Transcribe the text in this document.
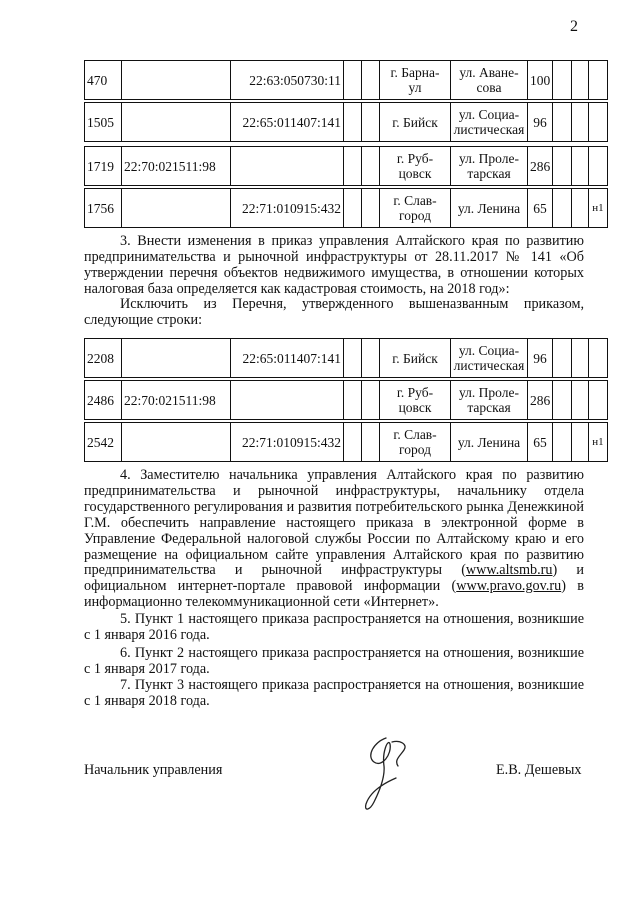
2
470		22:63:050730:11			г. Барна-
ул	ул. Аване-
сова	100			
1505		22:65:011407:141			г. Бийск	ул. Социа-
листическая	96			
1719	22:70:021511:98				г. Руб-
цовск	ул. Проле-
тарская	286			
1756		22:71:010915:432			г. Слав-
город	ул. Ленина	65			н1

3. Внести изменения в приказ управления Алтайского края по развитию предпринимательства и рыночной инфраструктуры от 28.11.2017 № 141 «Об утверждении перечня объектов недвижимого имущества, в отношении которых налоговая база определяется как кадастровая стоимость, на 2018 год»:

Исключить из Перечня, утвержденного вышеназванным приказом, следующие строки:

2208		22:65:011407:141			г. Бийск	ул. Социа-
листическая	96			
2486	22:70:021511:98				г. Руб-
цовск	ул. Проле-
тарская	286			
2542		22:71:010915:432			г. Слав-
город	ул. Ленина	65			н1

4. Заместителю начальника управления Алтайского края по развитию предпринимательства и рыночной инфраструктуры, начальнику отдела государственного регулирования и развития потребительского рынка Денежкиной Г.М. обеспечить направление настоящего приказа в электронной форме в Управление Федеральной налоговой службы России по Алтайскому краю и его размещение на официальном сайте управления Алтайского края по развитию предпринимательства и рыночной инфраструктуры (www.altsmb.ru) и официальном интернет-портале правовой информации (www.pravo.gov.ru) в информационно телекоммуникационной сети «Интернет».

5. Пункт 1 настоящего приказа распространяется на отношения, возникшие с 1 января 2016 года.

6. Пункт 2 настоящего приказа распространяется на отношения, возникшие с 1 января 2017 года.

7. Пункт 3 настоящего приказа распространяется на отношения, возникшие с 1 января 2018 года.

Начальник управления	Е.В. Дешевых
